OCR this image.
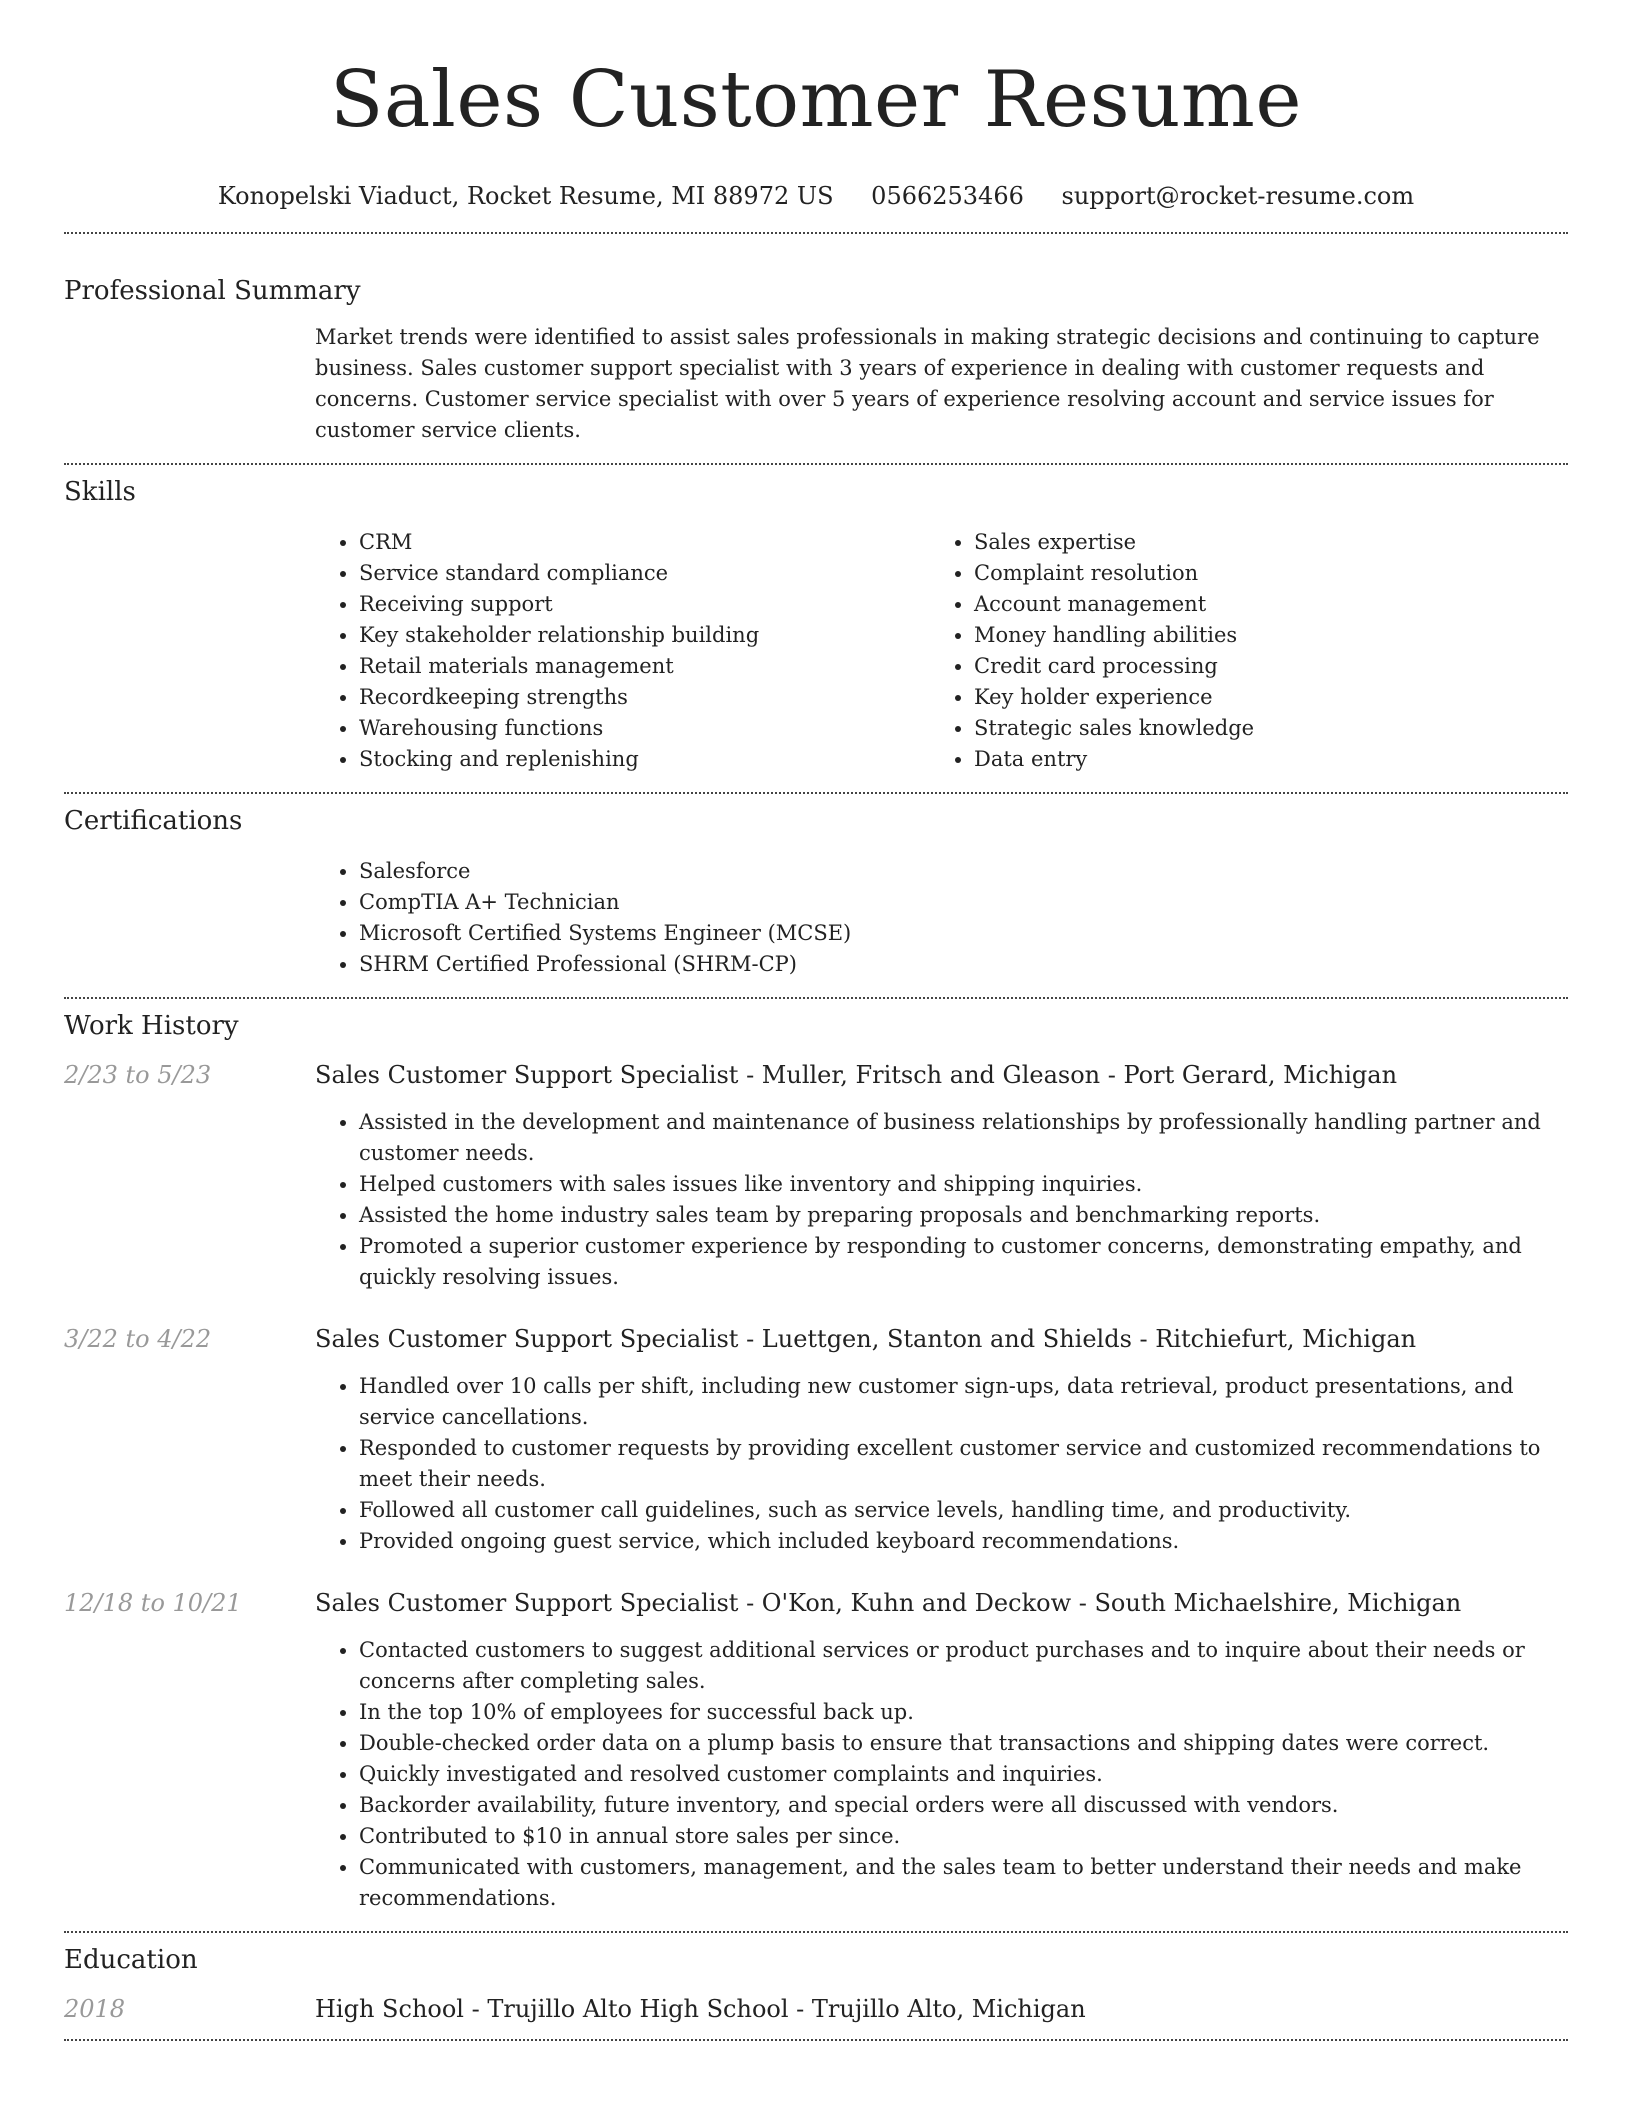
Sales Customer Resume
Konopelski Viaduct, Rocket Resume, MI 88972 US 0566253466 support@rocket-resume.com
Professional Summary
Market trends were identified to assist sales professionals in making strategic decisions and continuing to capture business. Sales customer support specialist with 3 years of experience in dealing with customer requests and concerns. Customer service specialist with over 5 years of experience resolving account and service issues for customer service clients.
Skills
• CRM
• Service standard compliance
• Receiving support
• Key stakeholder relationship building
• Retail materials management
• Recordkeeping strengths
• Warehousing functions
• Stocking and replenishing
• Sales expertise
• Complaint resolution
• Account management
• Money handling abilities
• Credit card processing
• Key holder experience
• Strategic sales knowledge
• Data entry
Certifications
• Salesforce
• CompTIA A+ Technician
• Microsoft Certified Systems Engineer (MCSE)
• SHRM Certified Professional (SHRM-CP)
Work History
2/23 to 5/23	Sales Customer Support Specialist - Muller, Fritsch and Gleason - Port Gerard, Michigan
• Assisted in the development and maintenance of business relationships by professionally handling partner and customer needs.
• Helped customers with sales issues like inventory and shipping inquiries.
• Assisted the home industry sales team by preparing proposals and benchmarking reports.
• Promoted a superior customer experience by responding to customer concerns, demonstrating empathy, and quickly resolving issues.
3/22 to 4/22	Sales Customer Support Specialist - Luettgen, Stanton and Shields - Ritchiefurt, Michigan
• Handled over 10 calls per shift, including new customer sign-ups, data retrieval, product presentations, and service cancellations.
• Responded to customer requests by providing excellent customer service and customized recommendations to meet their needs.
• Followed all customer call guidelines, such as service levels, handling time, and productivity.
• Provided ongoing guest service, which included keyboard recommendations.
12/18 to 10/21	Sales Customer Support Specialist - O'Kon, Kuhn and Deckow - South Michaelshire, Michigan
• Contacted customers to suggest additional services or product purchases and to inquire about their needs or concerns after completing sales.
• In the top 10% of employees for successful back up.
• Double-checked order data on a plump basis to ensure that transactions and shipping dates were correct.
• Quickly investigated and resolved customer complaints and inquiries.
• Backorder availability, future inventory, and special orders were all discussed with vendors.
• Contributed to $10 in annual store sales per since.
• Communicated with customers, management, and the sales team to better understand their needs and make recommendations.
Education
2018	High School - Trujillo Alto High School - Trujillo Alto, Michigan
